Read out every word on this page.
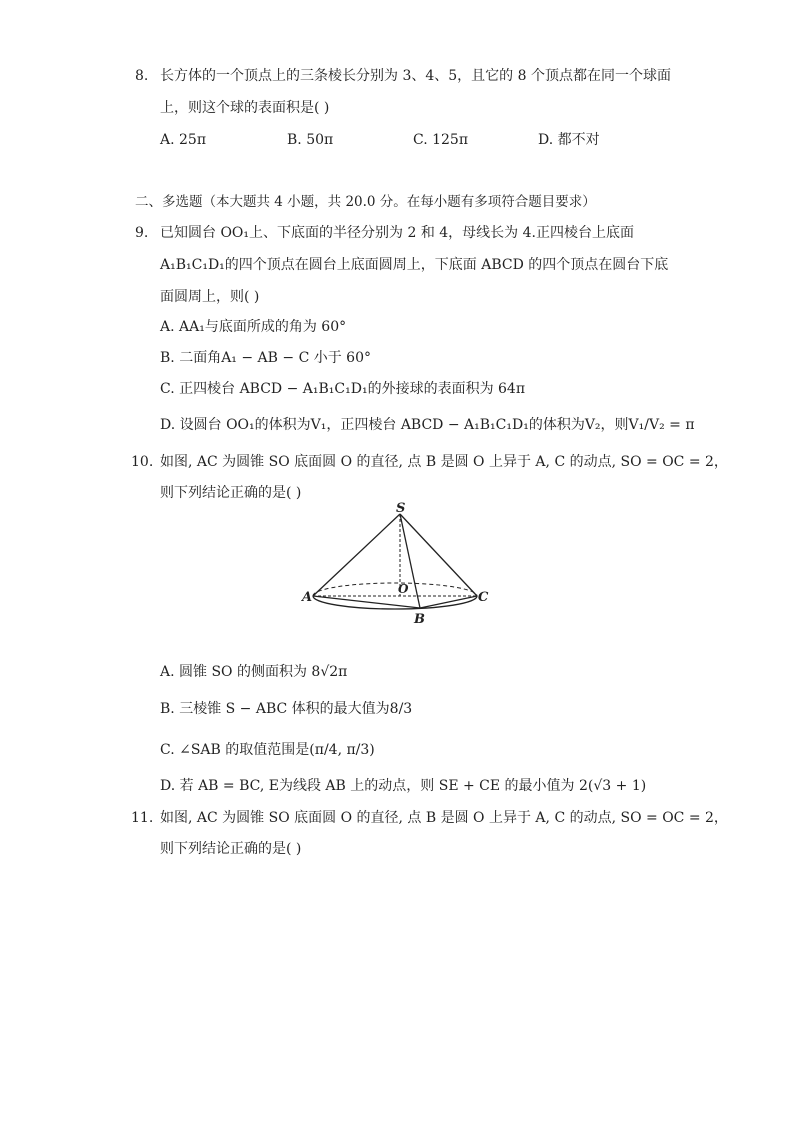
8. 长方体的一个顶点上的三条棱长分别为 3、4、5，且它的 8 个顶点都在同一个球面
上，则这个球的表面积是( )
A. 25π	B. 50π	C. 125π	D. 都不对
二、多选题（本大题共 4 小题，共 20.0 分。在每小题有多项符合题目要求）
9. 已知圆台 OO₁上、下底面的半径分别为 2 和 4，母线长为 4.正四棱台上底面
A₁B₁C₁D₁的四个顶点在圆台上底面圆周上，下底面 ABCD 的四个顶点在圆台下底
面圆周上，则( )
A. AA₁与底面所成的角为 60°
B. 二面角A₁ − AB − C 小于 60°
C. 正四棱台 ABCD − A₁B₁C₁D₁的外接球的表面积为 64π
D. 设圆台 OO₁的体积为V₁，正四棱台 ABCD − A₁B₁C₁D₁的体积为V₂，则V₁/V₂ = π
10. 如图, AC 为圆锥 SO 底面圆 O 的直径, 点 B 是圆 O 上异于 A, C 的动点, SO = OC = 2，
则下列结论正确的是( )
S
A
O
C
B
A. 圆锥 SO 的侧面积为 8√2π
B. 三棱锥 S − ABC 体积的最大值为8/3
C. ∠SAB 的取值范围是(π/4, π/3)
D. 若 AB = BC, E为线段 AB 上的动点，则 SE + CE 的最小值为 2(√3 + 1)
11. 如图, AC 为圆锥 SO 底面圆 O 的直径, 点 B 是圆 O 上异于 A, C 的动点, SO = OC = 2，
则下列结论正确的是( )
